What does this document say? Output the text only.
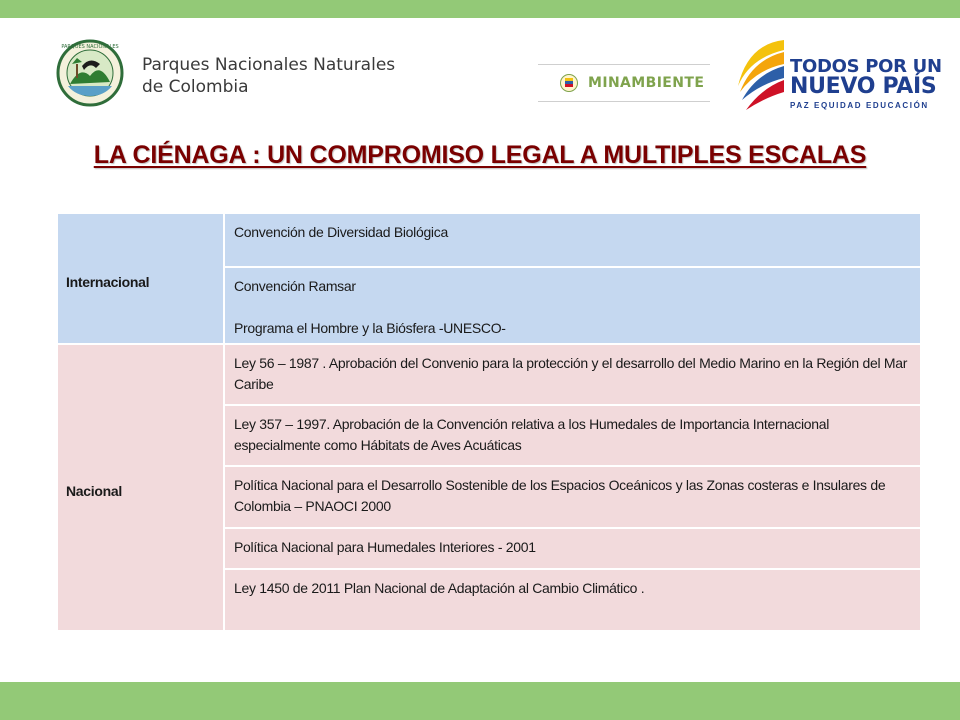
PARQUES NACIONALES
Parques Nacionales Naturales
de Colombia	MINAMBIENTE
TODOS POR UN
NUEVO PAÍS
PAZ EQUIDAD EDUCACIÓN
LA CIÉNAGA : UN COMPROMISO LEGAL A MULTIPLES ESCALAS
Internacional	Convención de Diversidad Biológica

	Convención Ramsar
Programa el Hombre y la Biósfera -UNESCO-

Nacional	Ley 56 – 1987 . Aprobación del Convenio para la protección y el desarrollo del Medio Marino en la Región del Mar Caribe
	Ley 357 – 1997. Aprobación de la Convención relativa a los Humedales de Importancia Internacional especialmente como Hábitats de Aves Acuáticas
	Política Nacional para el Desarrollo Sostenible de los Espacios Oceánicos y las Zonas costeras e Insulares de Colombia – PNAOCI 2000
	Política Nacional para Humedales Interiores - 2001
	Ley 1450 de 2011 Plan Nacional de Adaptación al Cambio Climático .
